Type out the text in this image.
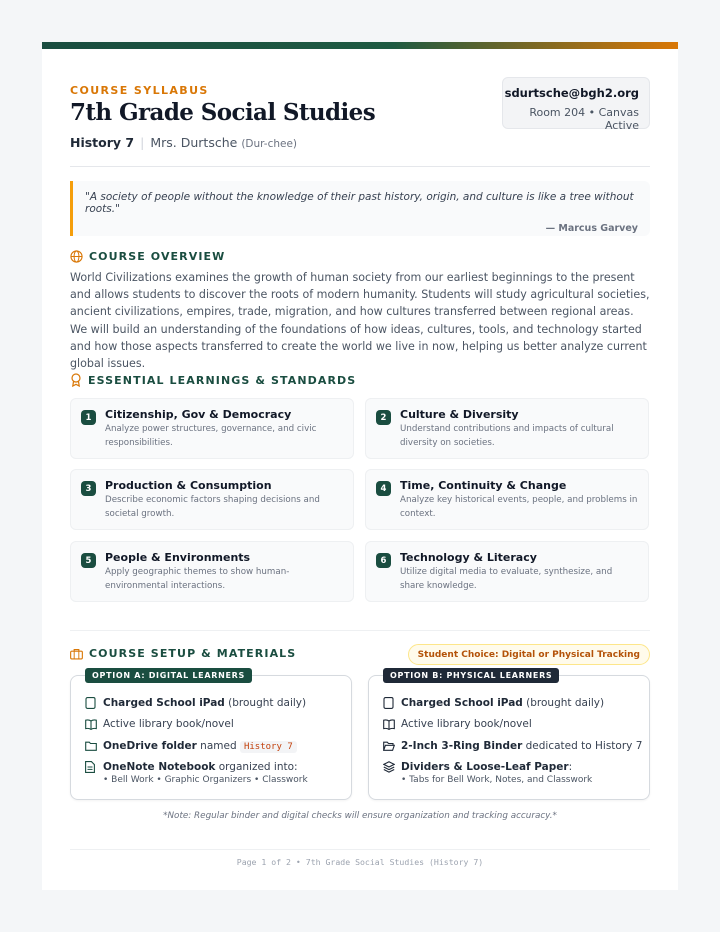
COURSE SYLLABUS
7th Grade Social Studies
History 7 | Mrs. Durtsche (Dur-chee)
sdurtsche@bgh2.org
Room 204 • Canvas Active
"A society of people without the knowledge of their past history, origin, and culture is like a tree without roots."
— Marcus Garvey
COURSE OVERVIEW
World Civilizations examines the growth of human society from our earliest beginnings to the present and allows students to discover the roots of modern humanity. Students will study agricultural societies, ancient civilizations, empires, trade, migration, and how cultures transferred between regional areas. We will build an understanding of the foundations of how ideas, cultures, tools, and technology started and how those aspects transferred to create the world we live in now, helping us better analyze current global issues.
ESSENTIAL LEARNINGS & STANDARDS
1	Citizenship, Gov & Democracy
Analyze power structures, governance, and civic responsibilities.
2	Culture & Diversity
Understand contributions and impacts of cultural diversity on societies.
3	Production & Consumption
Describe economic factors shaping decisions and societal growth.
4	Time, Continuity & Change
Analyze key historical events, people, and problems in context.
5	People & Environments
Apply geographic themes to show human-environmental interactions.
6	Technology & Literacy
Utilize digital media to evaluate, synthesize, and share knowledge.
COURSE SETUP & MATERIALS	Student Choice: Digital or Physical Tracking
OPTION A: DIGITAL LEARNERS
Charged School iPad (brought daily)
Active library book/novel
OneDrive folder named History 7
OneNote Notebook organized into:
• Bell Work • Graphic Organizers • Classwork
OPTION B: PHYSICAL LEARNERS
Charged School iPad (brought daily)
Active library book/novel
2-Inch 3-Ring Binder dedicated to History 7
Dividers & Loose-Leaf Paper:
• Tabs for Bell Work, Notes, and Classwork
*Note: Regular binder and digital checks will ensure organization and tracking accuracy.*
Page 1 of 2 • 7th Grade Social Studies (History 7)
